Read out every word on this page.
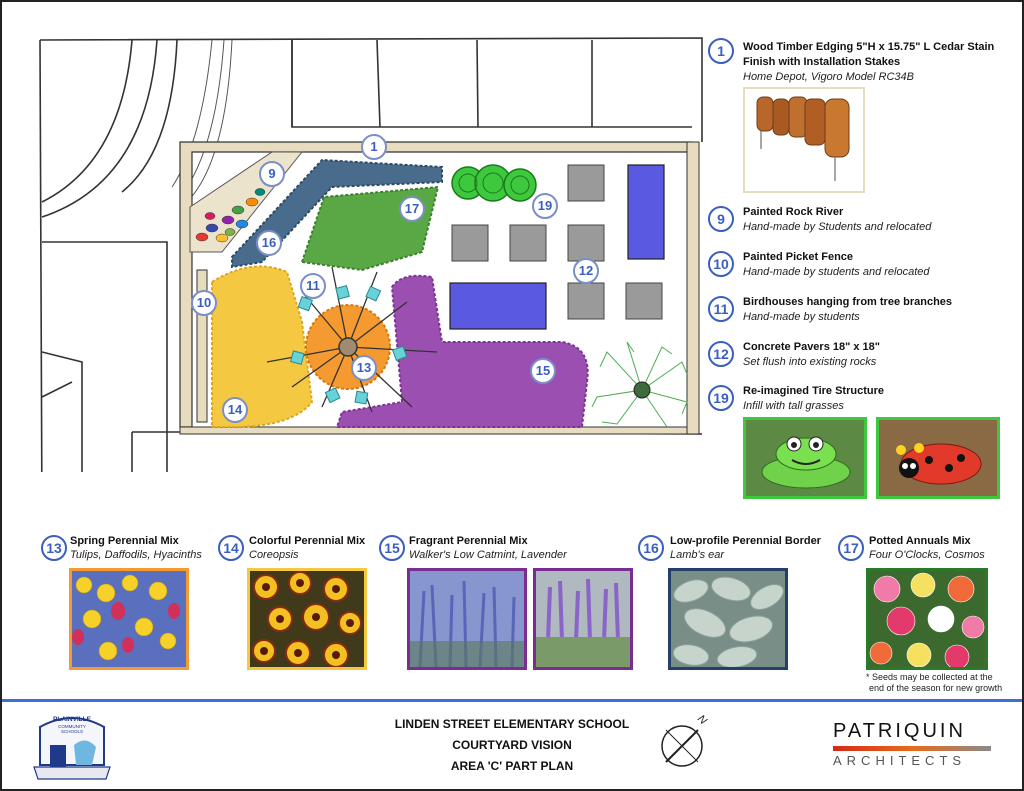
1
9
10
11
12
13
14
15
16
17	19
1	Wood Timber Edging 5"H x 15.75" L Cedar Stain
Finish with Installation Stakes
Home Depot, Vigoro Model RC34B
9	Painted Rock River
Hand-made by Students and relocated
10	Painted Picket Fence
Hand-made by students and relocated
11	Birdhouses hanging from tree branches
Hand-made by students
12	Concrete Pavers 18" x 18"
Set flush into existing rocks
19	Re-imagined Tire Structure
Infill with tall grasses
13 Spring Perennial Mix
Tulips, Daffodils, Hyacinths	14 Colorful Perennial Mix
Coreopsis	15 Fragrant Perennial Mix
Walker's Low Catmint, Lavender	16	Low-profile Perennial Border
Lamb's ear	17 Potted Annuals Mix
Four O'Clocks, Cosmos
* Seeds may be collected at the
end of the season for new growth
PLAINVILLE
COMMUNITY SCHOOLS
LINDEN STREET ELEMENTARY SCHOOL
COURTYARD VISION
AREA 'C' PART PLAN
N	PATRIQUIN
ARCHITECTS
